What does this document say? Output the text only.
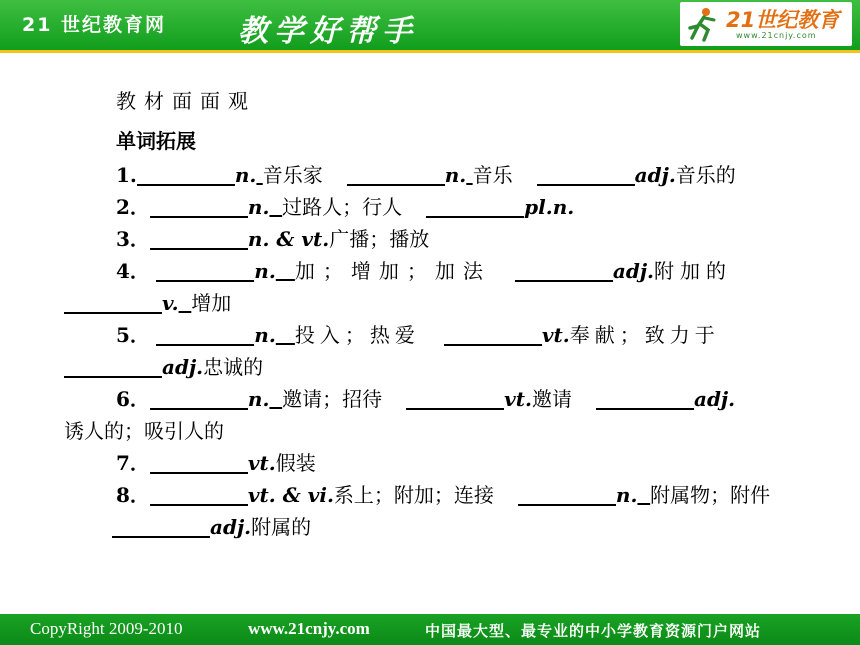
21 世纪教育网 教学好帮手	21世纪教育
www.21cnjy.com
教材面面观
单词拓展
1.	n. 音乐家	n. 音乐	adj.音乐的
2．	n. 过路人；行人	pl.n.
3．	n. & vt.广播；播放
4．	n. 加；增加；加法	adj.附加的
v. 增加
5．	n. 投入；热爱	vt.奉献；致力于
adj.忠诚的
6．	n. 邀请；招待	vt.邀请	adj.
诱人的；吸引人的
7．	vt.假装
8．	vt. & vi.系上；附加；连接	n. 附属物；附件
adj.附属的
CopyRight 2009-2010	www.21cnjy.com	中国最大型、最专业的中小学教育资源门户网站
